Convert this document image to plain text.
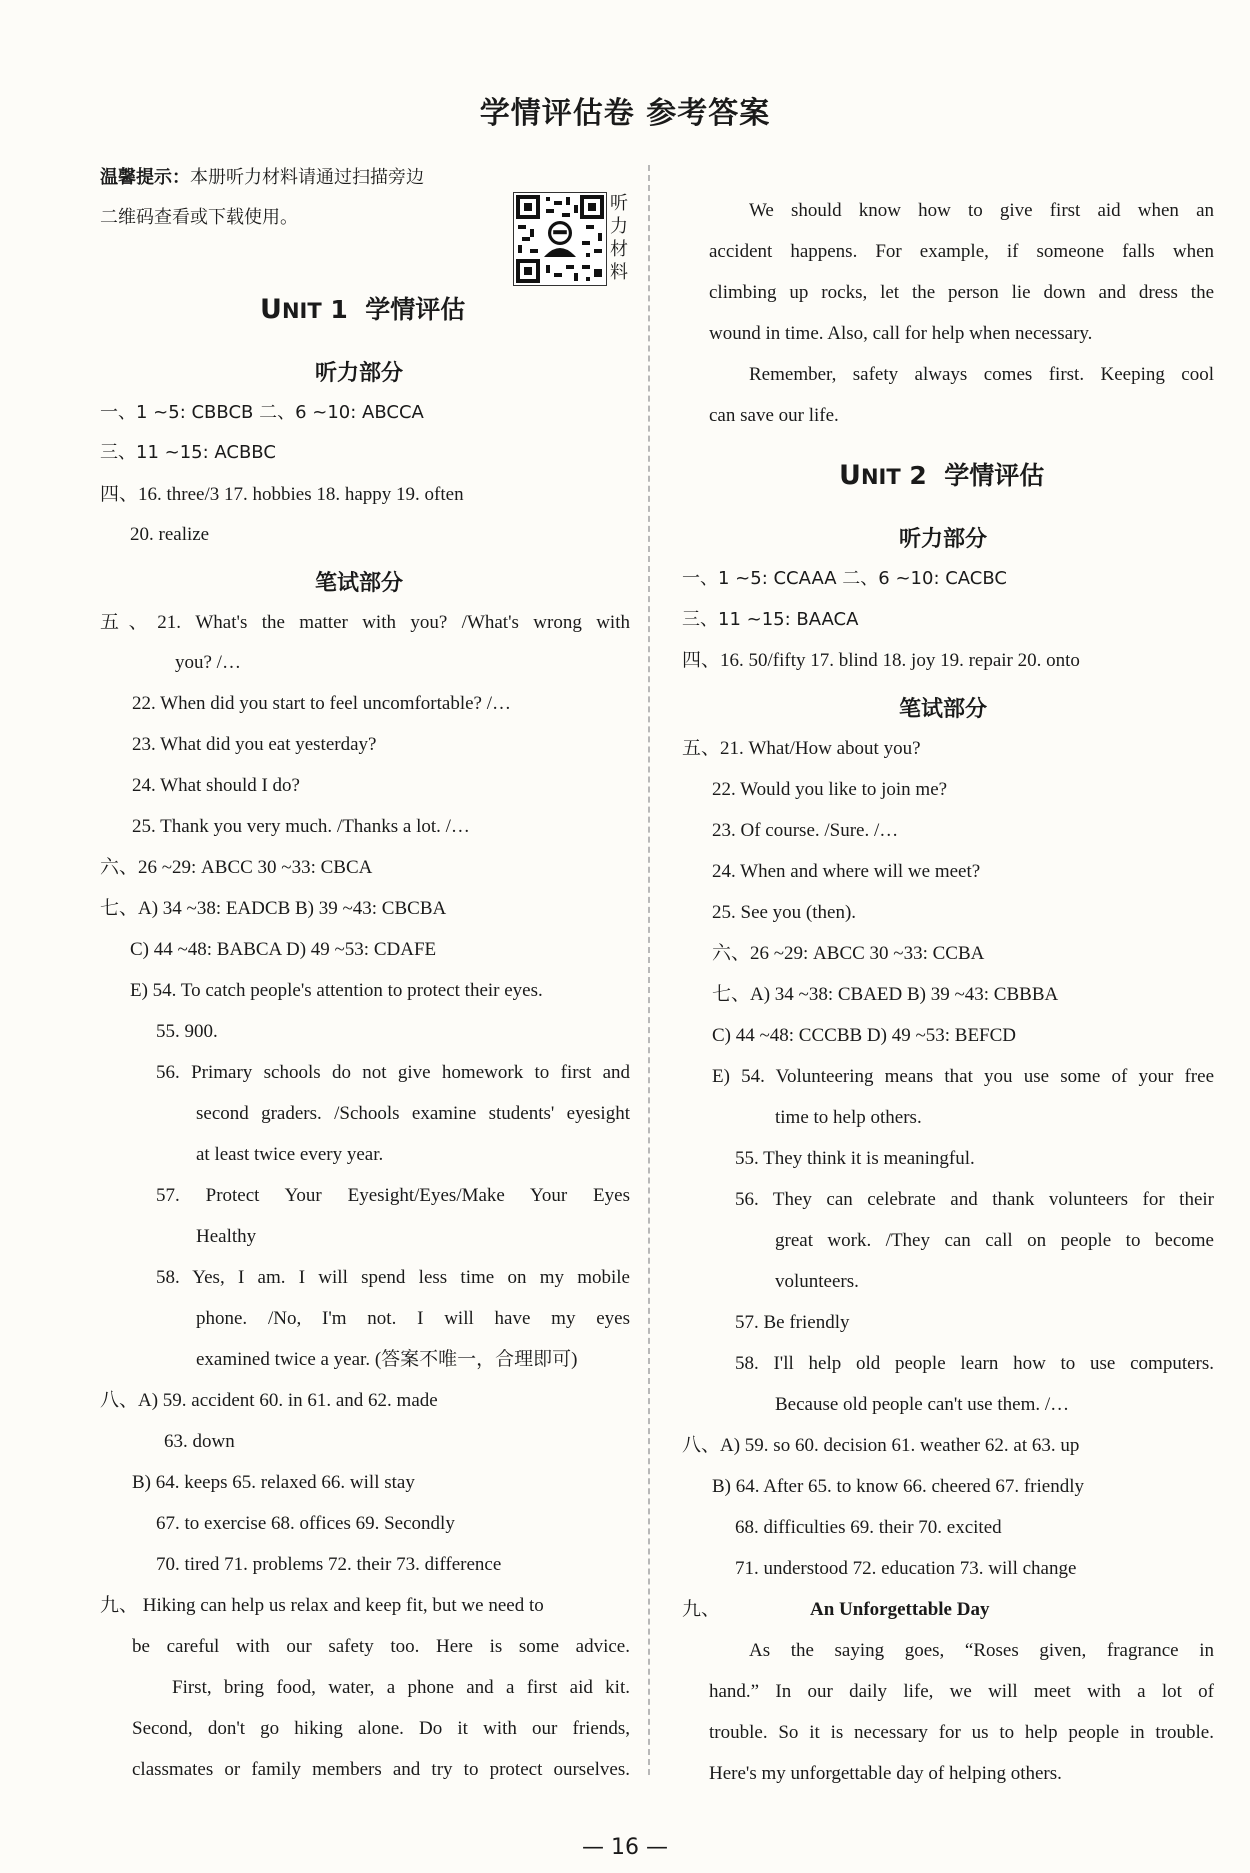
学情评估卷 参考答案
温馨提示：本册听力材料请通过扫描旁边
二维码查看或下载使用。
UNIT 1 学情评估
听力部分
一、1 ~5: CBBCB 二、6 ~10: ABCCA
三、11 ~15: ACBBC
四、16. three/3 17. hobbies 18. happy 19. often
20. realize
笔试部分
五、21. What's the matter with you? /What's wrong with
you? /…
22. When did you start to feel uncomfortable? /…
23. What did you eat yesterday?
24. What should I do?
25. Thank you very much. /Thanks a lot. /…
六、26 ~29: ABCC 30 ~33: CBCA
七、A) 34 ~38: EADCB B) 39 ~43: CBCBA
C) 44 ~48: BABCA D) 49 ~53: CDAFE
E) 54. To catch people's attention to protect their eyes.
55. 900.
56. Primary schools do not give homework to first and
second graders. /Schools examine students' eyesight
at least twice every year.
57. Protect Your Eyesight/Eyes/Make Your Eyes
Healthy
58. Yes, I am. I will spend less time on my mobile
phone. /No, I'm not. I will have my eyes
examined twice a year. (答案不唯一，合理即可)
八、A) 59. accident 60. in 61. and 62. made
63. down
B) 64. keeps 65. relaxed 66. will stay
67. to exercise 68. offices 69. Secondly
70. tired 71. problems 72. their 73. difference
九、 Hiking can help us relax and keep fit, but we need to
be careful with our safety too. Here is some advice.
First, bring food, water, a phone and a first aid kit.
Second, don't go hiking alone. Do it with our friends,
classmates or family members and try to protect ourselves.
听
力
材
料
We should know how to give first aid when an
accident happens. For example, if someone falls when
climbing up rocks, let the person lie down and dress the
wound in time. Also, call for help when necessary.
Remember, safety always comes first. Keeping cool
can save our life.
UNIT 2 学情评估
听力部分
一、1 ~5: CCAAA 二、6 ~10: CACBC
三、11 ~15: BAACA
四、16. 50/fifty 17. blind 18. joy 19. repair 20. onto
笔试部分
五、21. What/How about you?
22. Would you like to join me?
23. Of course. /Sure. /…
24. When and where will we meet?
25. See you (then).
六、26 ~29: ABCC 30 ~33: CCBA
七、A) 34 ~38: CBAED B) 39 ~43: CBBBA
C) 44 ~48: CCCBB D) 49 ~53: BEFCD
E) 54. Volunteering means that you use some of your free
time to help others.
55. They think it is meaningful.
56. They can celebrate and thank volunteers for their
great work. /They can call on people to become
volunteers.
57. Be friendly
58. I'll help old people learn how to use computers.
Because old people can't use them. /…
八、A) 59. so 60. decision 61. weather 62. at 63. up
B) 64. After 65. to know 66. cheered 67. friendly
68. difficulties 69. their 70. excited
71. understood 72. education 73. will change
九、	An Unforgettable Day
As the saying goes, “Roses given, fragrance in
hand.” In our daily life, we will meet with a lot of
trouble. So it is necessary for us to help people in trouble.
Here's my unforgettable day of helping others.
— 16 —
